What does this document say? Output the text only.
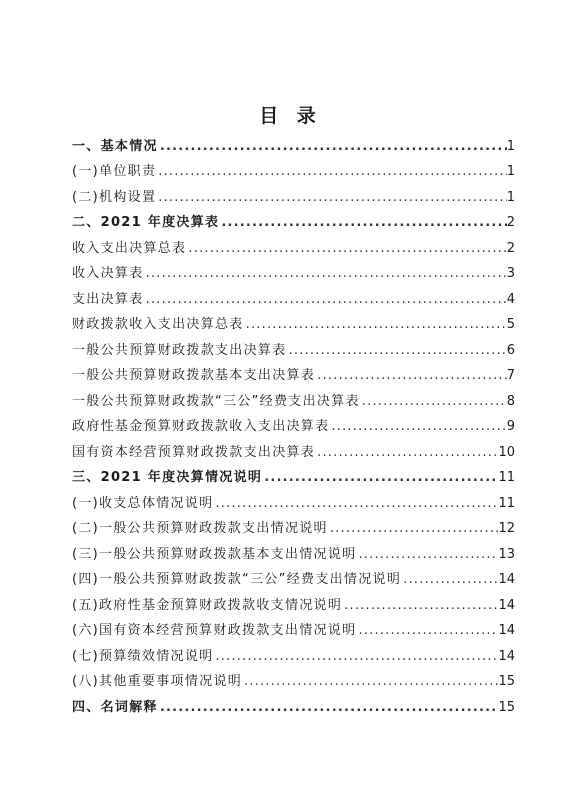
目 录
一、基本情况 .....	1
(一)单位职责 .....	1
(二)机构设置 .....	1
二、2021 年度决算表 .....	2
收入支出决算总表 .....	2
收入决算表 .....	3
支出决算表 .....	4
财政拨款收入支出决算总表 .....	5
一般公共预算财政拨款支出决算表 .....	6
一般公共预算财政拨款基本支出决算表 .....	7
一般公共预算财政拨款“三公”经费支出决算表 .....	8
政府性基金预算财政拨款收入支出决算表 .....	9
国有资本经营预算财政拨款支出决算表 .....	10
三、2021 年度决算情况说明 .....	11
(一)收支总体情况说明 .....	11
(二)一般公共预算财政拨款支出情况说明 .....	12
(三)一般公共预算财政拨款基本支出情况说明 .....	13
(四)一般公共预算财政拨款“三公”经费支出情况说明 .....	14
(五)政府性基金预算财政拨款收支情况说明 .....	14
(六)国有资本经营预算财政拨款支出情况说明 .....	14
(七)预算绩效情况说明 .....	14
(八)其他重要事项情况说明 .....	15
四、名词解释 .....	15
